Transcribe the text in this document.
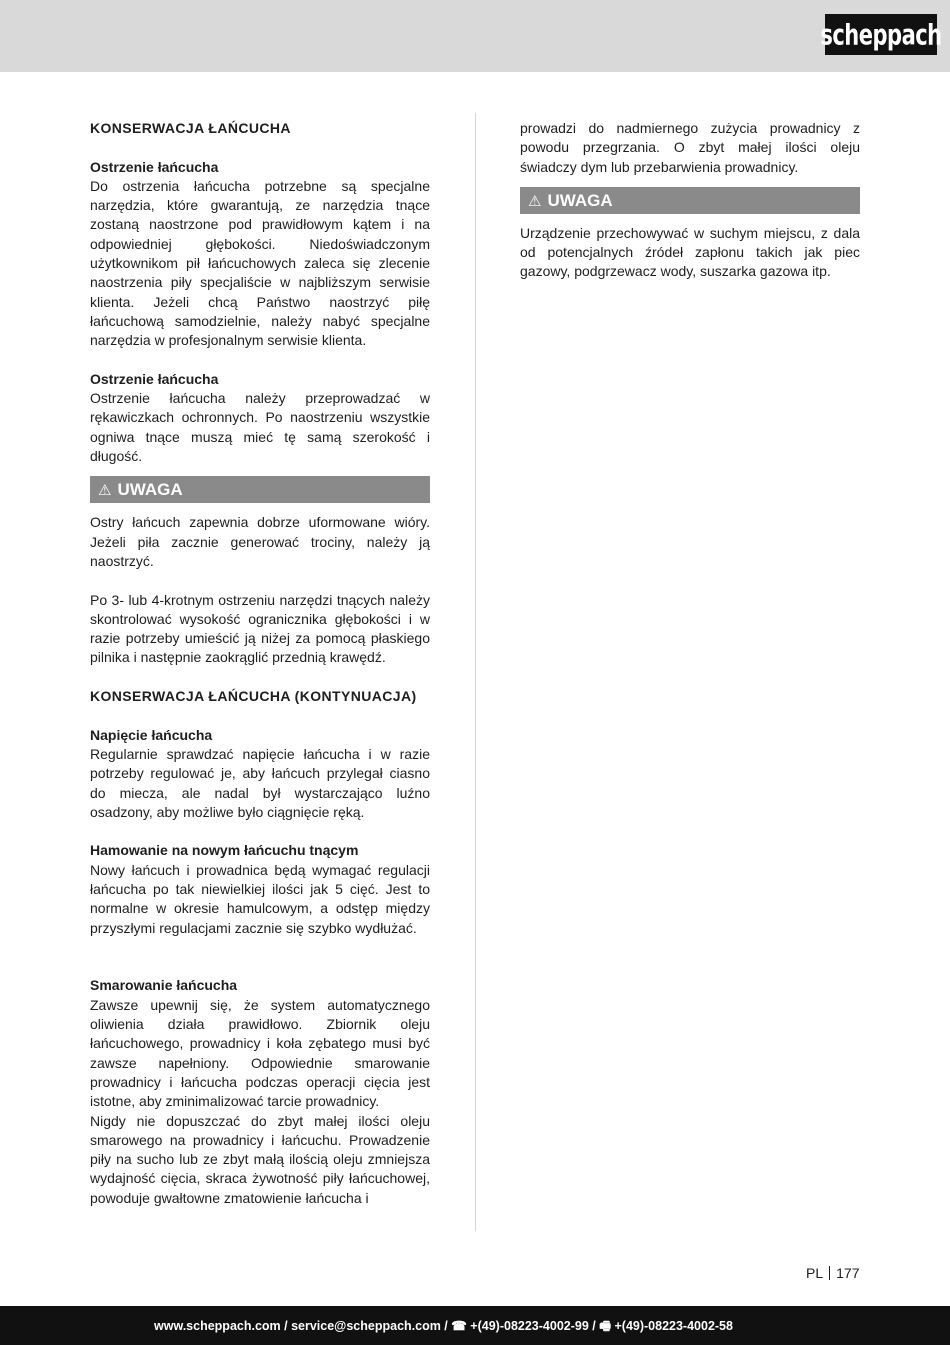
scheppach
KONSERWACJA ŁAŃCUCHA
Ostrzenie łańcucha

Do ostrzenia łańcucha potrzebne są specjalne narzędzia, które gwarantują, ze narzędzia tnące zostaną naostrzone pod prawidłowym kątem i na odpowiedniej głębokości. Niedoświadczonym użytkownikom pił łańcuchowych zaleca się zlecenie naostrzenia piły specjaliście w najbliższym serwisie klienta. Jeżeli chcą Państwo naostrzyć piłę łańcuchową samodzielnie, należy nabyć specjalne narzędzia w profesjonalnym serwisie klienta.

Ostrzenie łańcucha

Ostrzenie łańcucha należy przeprowadzać w rękawiczkach ochronnych. Po naostrzeniu wszystkie ogniwa tnące muszą mieć tę samą szerokość i długość.

⚠ UWAGA

Ostry łańcuch zapewnia dobrze uformowane wióry. Jeżeli piła zacznie generować trociny, należy ją naostrzyć.

Po 3- lub 4-krotnym ostrzeniu narzędzi tnących należy skontrolować wysokość ogranicznika głębokości i w razie potrzeby umieścić ją niżej za pomocą płaskiego pilnika i następnie zaokrąglić przednią krawędź.

KONSERWACJA ŁAŃCUCHA (KONTYNUACJA)
Napięcie łańcucha

Regularnie sprawdzać napięcie łańcucha i w razie potrzeby regulować je, aby łańcuch przylegał ciasno do miecza, ale nadal był wystarczająco luźno osadzony, aby możliwe było ciągnięcie ręką.

Hamowanie na nowym łańcuchu tnącym

Nowy łańcuch i prowadnica będą wymagać regulacji łańcucha po tak niewielkiej ilości jak 5 cięć. Jest to normalne w okresie hamulcowym, a odstęp między przyszłymi regulacjami zacznie się szybko wydłużać.

Smarowanie łańcucha

Zawsze upewnij się, że system automatycznego oliwienia działa prawidłowo. Zbiornik oleju łańcuchowego, prowadnicy i koła zębatego musi być zawsze napełniony. Odpowiednie smarowanie prowadnicy i łańcucha podczas operacji cięcia jest istotne, aby zminimalizować tarcie prowadnicy.

Nigdy nie dopuszczać do zbyt małej ilości oleju smarowego na prowadnicy i łańcuchu. Prowadzenie piły na sucho lub ze zbyt małą ilością oleju zmniejsza wydajność cięcia, skraca żywotność piły łańcuchowej, powoduje gwałtowne zmatowienie łańcucha i

prowadzi do nadmiernego zużycia prowadnicy z powodu przegrzania. O zbyt małej ilości oleju świadczy dym lub przebarwienia prowadnicy.

⚠ UWAGA

Urządzenie przechowywać w suchym miejscu, z dala od potencjalnych źródeł zapłonu takich jak piec gazowy, podgrzewacz wody, suszarka gazowa itp.

PL 177
www.scheppach.com / service@scheppach.com / ☎ +(49)-08223-4002-99 / 🖷 +(49)-08223-4002-58
